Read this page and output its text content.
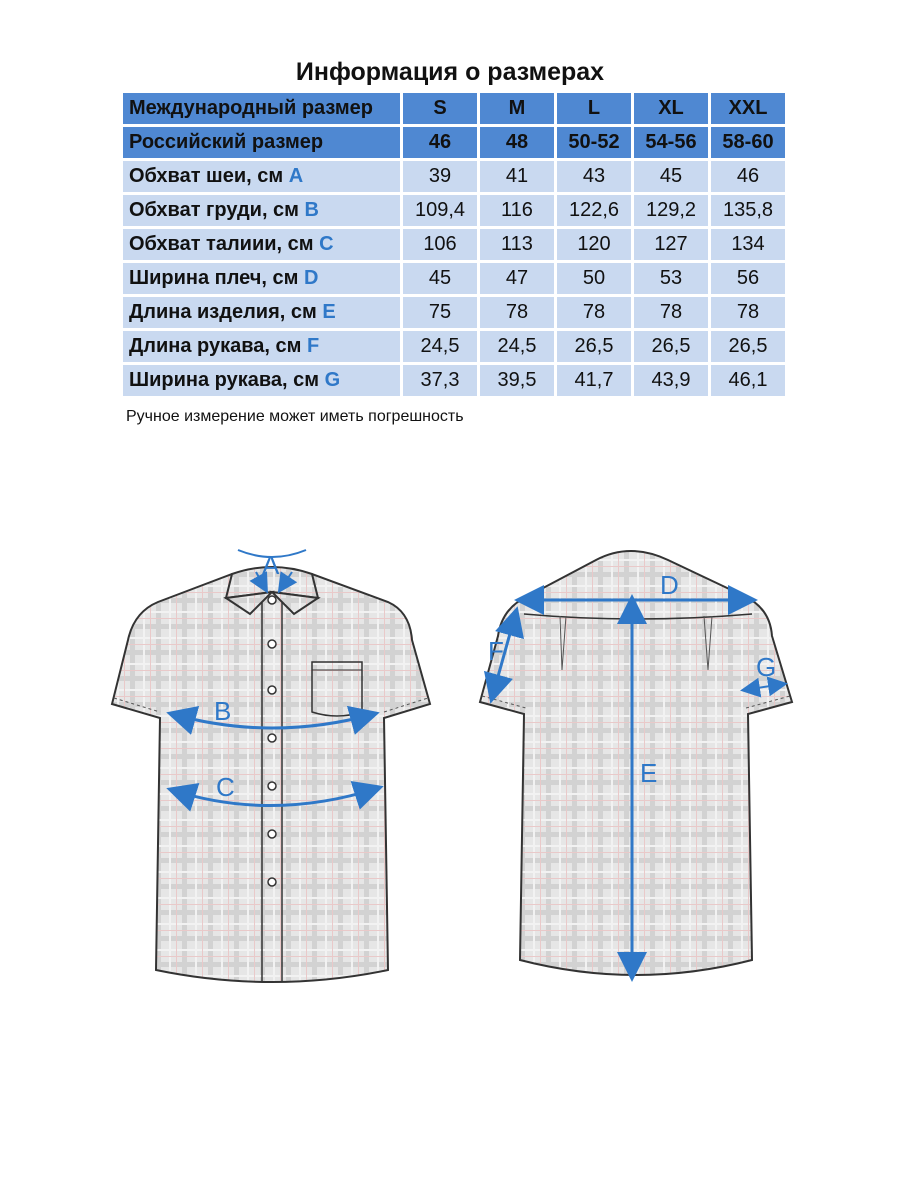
Информация о размерах
Международный размер	S	M	L	XL	XXL
Российский размер	46	48	50-52	54-56	58-60
Обхват шеи, см A	39	41	43	45	46
Обхват груди, см B	109,4	116	122,6	129,2	135,8
Обхват талиии, см C	106	113	120	127	134
Ширина плеч, см D	45	47	50	53	56
Длина изделия, см E	75	78	78	78	78
Длина рукава, см F	24,5	24,5	26,5	26,5	26,5
Ширина рукава, см G	37,3	39,5	41,7	43,9	46,1
Ручное измерение может иметь погрешность
A
B
C
D
E
F
G
